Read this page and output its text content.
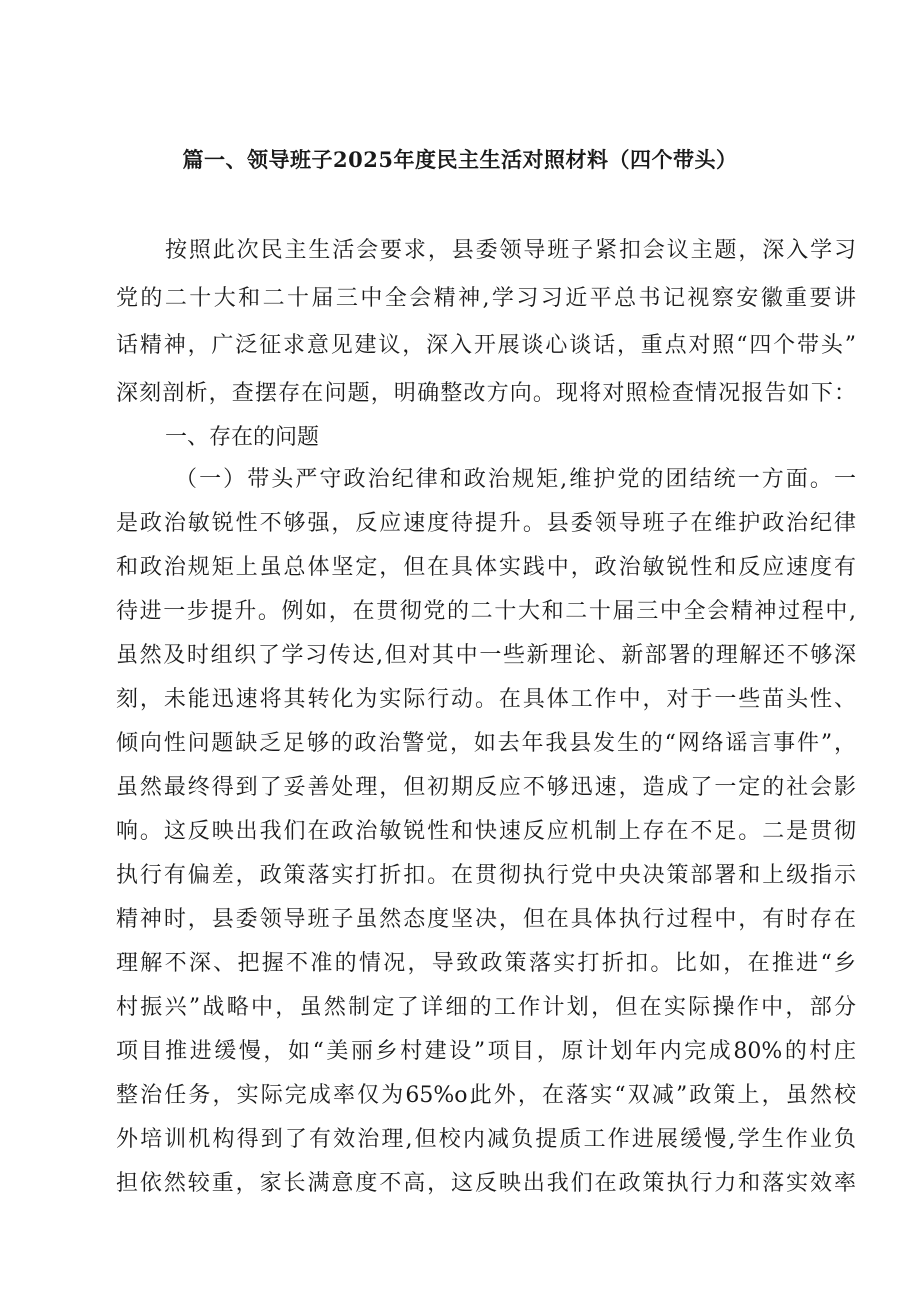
篇一、领导班子2025年度民主生活对照材料（四个带头）

按照此次民主生活会要求，县委领导班子紧扣会议主题，深入学习

党的二十大和二十届三中全会精神,学习习近平总书记视察安徽重要讲

话精神，广泛征求意见建议，深入开展谈心谈话，重点对照“四个带头”

深刻剖析，查摆存在问题，明确整改方向。现将对照检查情况报告如下：

一、存在的问题

（一）带头严守政治纪律和政治规矩,维护党的团结统一方面。一

是政治敏锐性不够强，反应速度待提升。县委领导班子在维护政治纪律

和政治规矩上虽总体坚定，但在具体实践中，政治敏锐性和反应速度有

待进一步提升。例如，在贯彻党的二十大和二十届三中全会精神过程中,

虽然及时组织了学习传达,但对其中一些新理论、新部署的理解还不够深

刻，未能迅速将其转化为实际行动。在具体工作中，对于一些苗头性、

倾向性问题缺乏足够的政治警觉，如去年我县发生的“网络谣言事件”，

虽然最终得到了妥善处理，但初期反应不够迅速，造成了一定的社会影

响。这反映出我们在政治敏锐性和快速反应机制上存在不足。二是贯彻

执行有偏差，政策落实打折扣。在贯彻执行党中央决策部署和上级指示

精神时，县委领导班子虽然态度坚决，但在具体执行过程中，有时存在

理解不深、把握不准的情况，导致政策落实打折扣。比如，在推进“乡

村振兴”战略中，虽然制定了详细的工作计划，但在实际操作中，部分

项目推进缓慢，如“美丽乡村建设”项目，原计划年内完成80%的村庄

整治任务，实际完成率仅为65%o此外，在落实“双减”政策上，虽然校

外培训机构得到了有效治理,但校内减负提质工作进展缓慢,学生作业负

担依然较重，家长满意度不高，这反映出我们在政策执行力和落实效率
